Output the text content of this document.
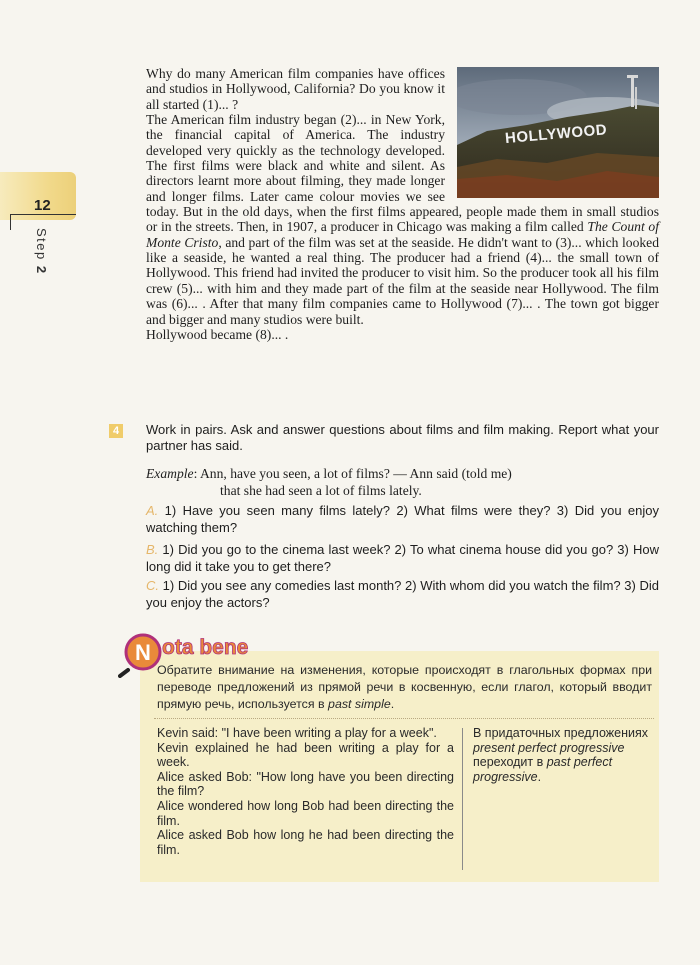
12
Step 2
HOLLYWOOD

Why do many American film companies have offices and studios in Hollywood, California? Do you know it all started (1)... ?

The American film industry began (2)... in New York, the financial capital of America. The industry developed very quickly as the technology developed. The first films were black and white and silent. As directors learnt more about filming, they made longer and longer films. Later came colour movies we see today. But in the old days, when the first films appeared, people made them in small studios or in the streets. Then, in 1907, a producer in Chicago was making a film called The Count of Monte Cristo, and part of the film was set at the seaside. He didn't want to (3)... which looked like a seaside, he wanted a real thing. The producer had a friend (4)... the small town of Hollywood. This friend had invited the producer to visit him. So the producer took all his film crew (5)... with him and they made part of the film at the seaside near Hollywood. The film was (6)... . After that many film companies came to Hollywood (7)... . The town got bigger and bigger and many studios were built.

Hollywood became (8)... .

4	Work in pairs. Ask and answer questions about films and film making. Report what your partner has said.
Example: Ann, have you seen, a lot of films? — Ann said (told me)
that she had seen a lot of films lately.
A. 1) Have you seen many films lately? 2) What films were they? 3) Did you enjoy watching them?
B. 1) Did you go to the cinema last week? 2) To what cinema house did you go? 3) How long did it take you to get there?
C. 1) Did you see any comedies last month? 2) With whom did you watch the film? 3) Did you enjoy the actors?
N ota bene
Обратите внимание на изменения, которые происходят в глагольных формах при переводе предложений из прямой речи в косвенную, если глагол, который вводит прямую речь, используется в past simple.
Kevin said: "I have been writing a play for a week".
Kevin explained he had been writing a play for a week.
Alice asked Bob: "How long have you been directing the film?
Alice wondered how long Bob had been directing the film.
Alice asked Bob how long he had been directing the film.
В придаточных предложениях present perfect progressive переходит в past perfect progressive.
